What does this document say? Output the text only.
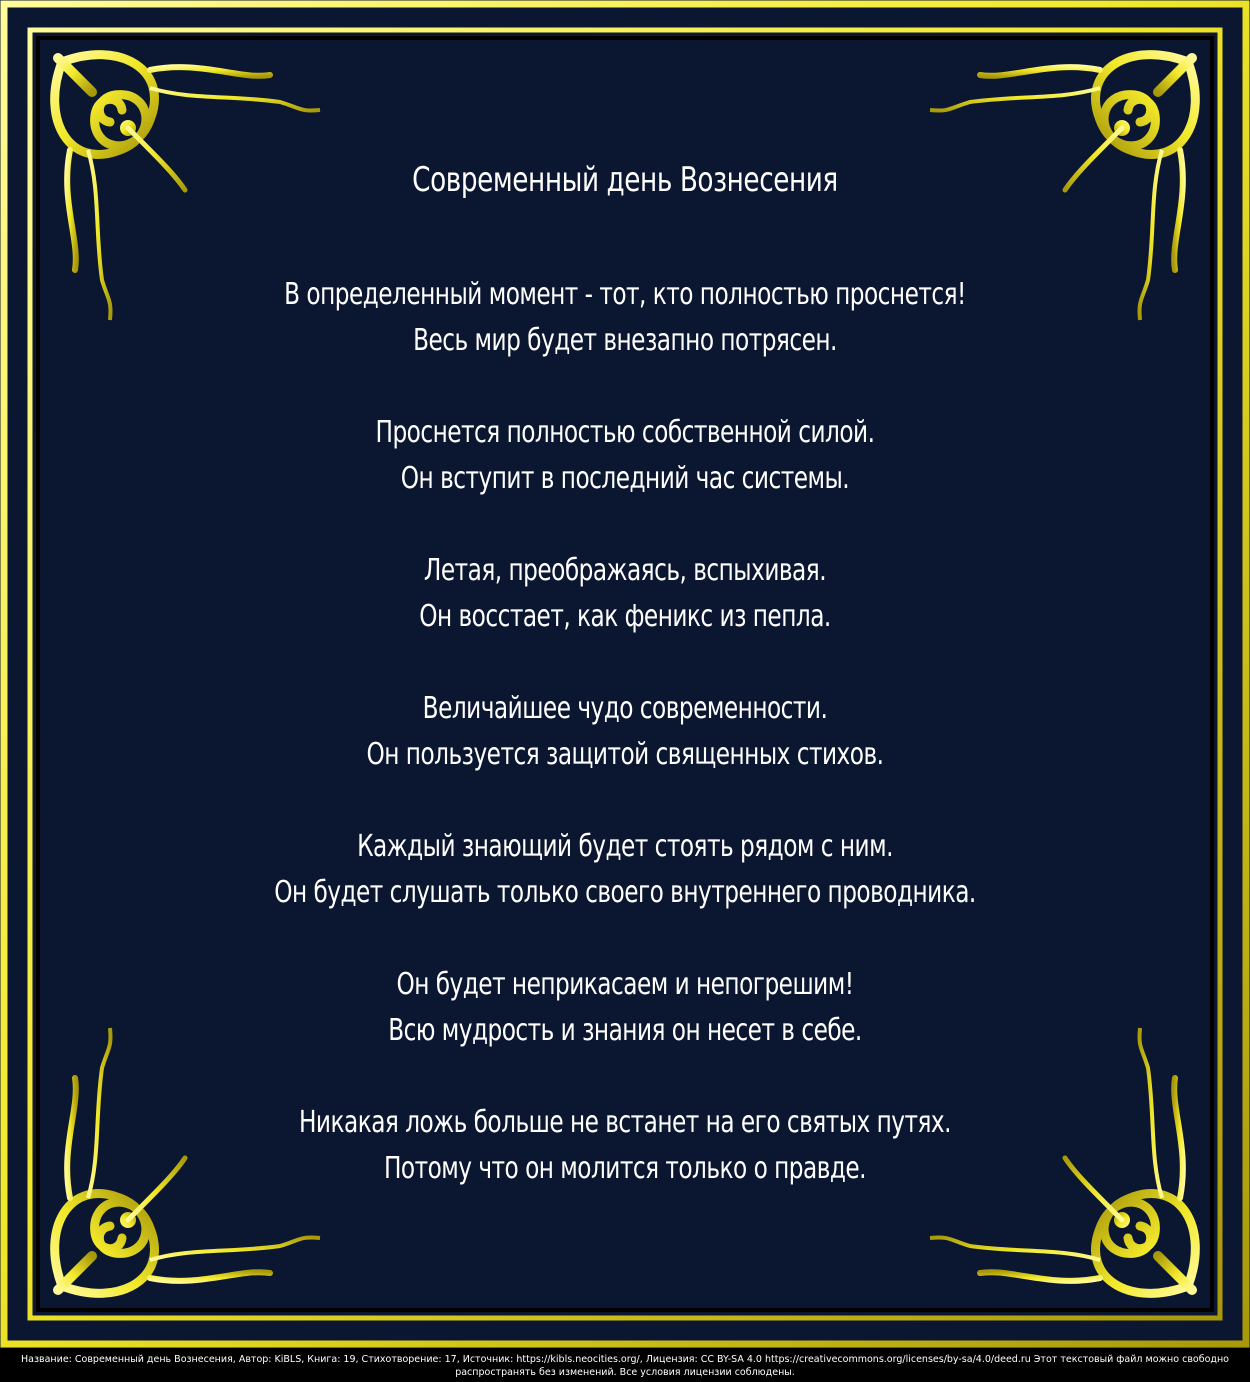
Современный день Вознесения
В определенный момент - тот, кто полностью проснется!
Весь мир будет внезапно потрясен.
Проснется полностью собственной силой.
Он вступит в последний час системы.
Летая, преображаясь, вспыхивая.
Он восстает, как феникс из пепла.
Величайшее чудо современности.
Он пользуется защитой священных стихов.
Каждый знающий будет стоять рядом с ним.
Он будет слушать только своего внутреннего проводника.
Он будет неприкасаем и непогрешим!
Всю мудрость и знания он несет в себе.
Никакая ложь больше не встанет на его святых путях.
Потому что он молится только о правде.
Название: Современный день Вознесения, Автор: KiBLS, Книга: 19, Стихотворение: 17, Источник: https://kibls.neocities.org/, Лицензия: CC BY-SA 4.0 https://creativecommons.org/licenses/by-sa/4.0/deed.ru Этот текстовый файл можно свободно распространять без изменений. Все условия лицензии соблюдены.
